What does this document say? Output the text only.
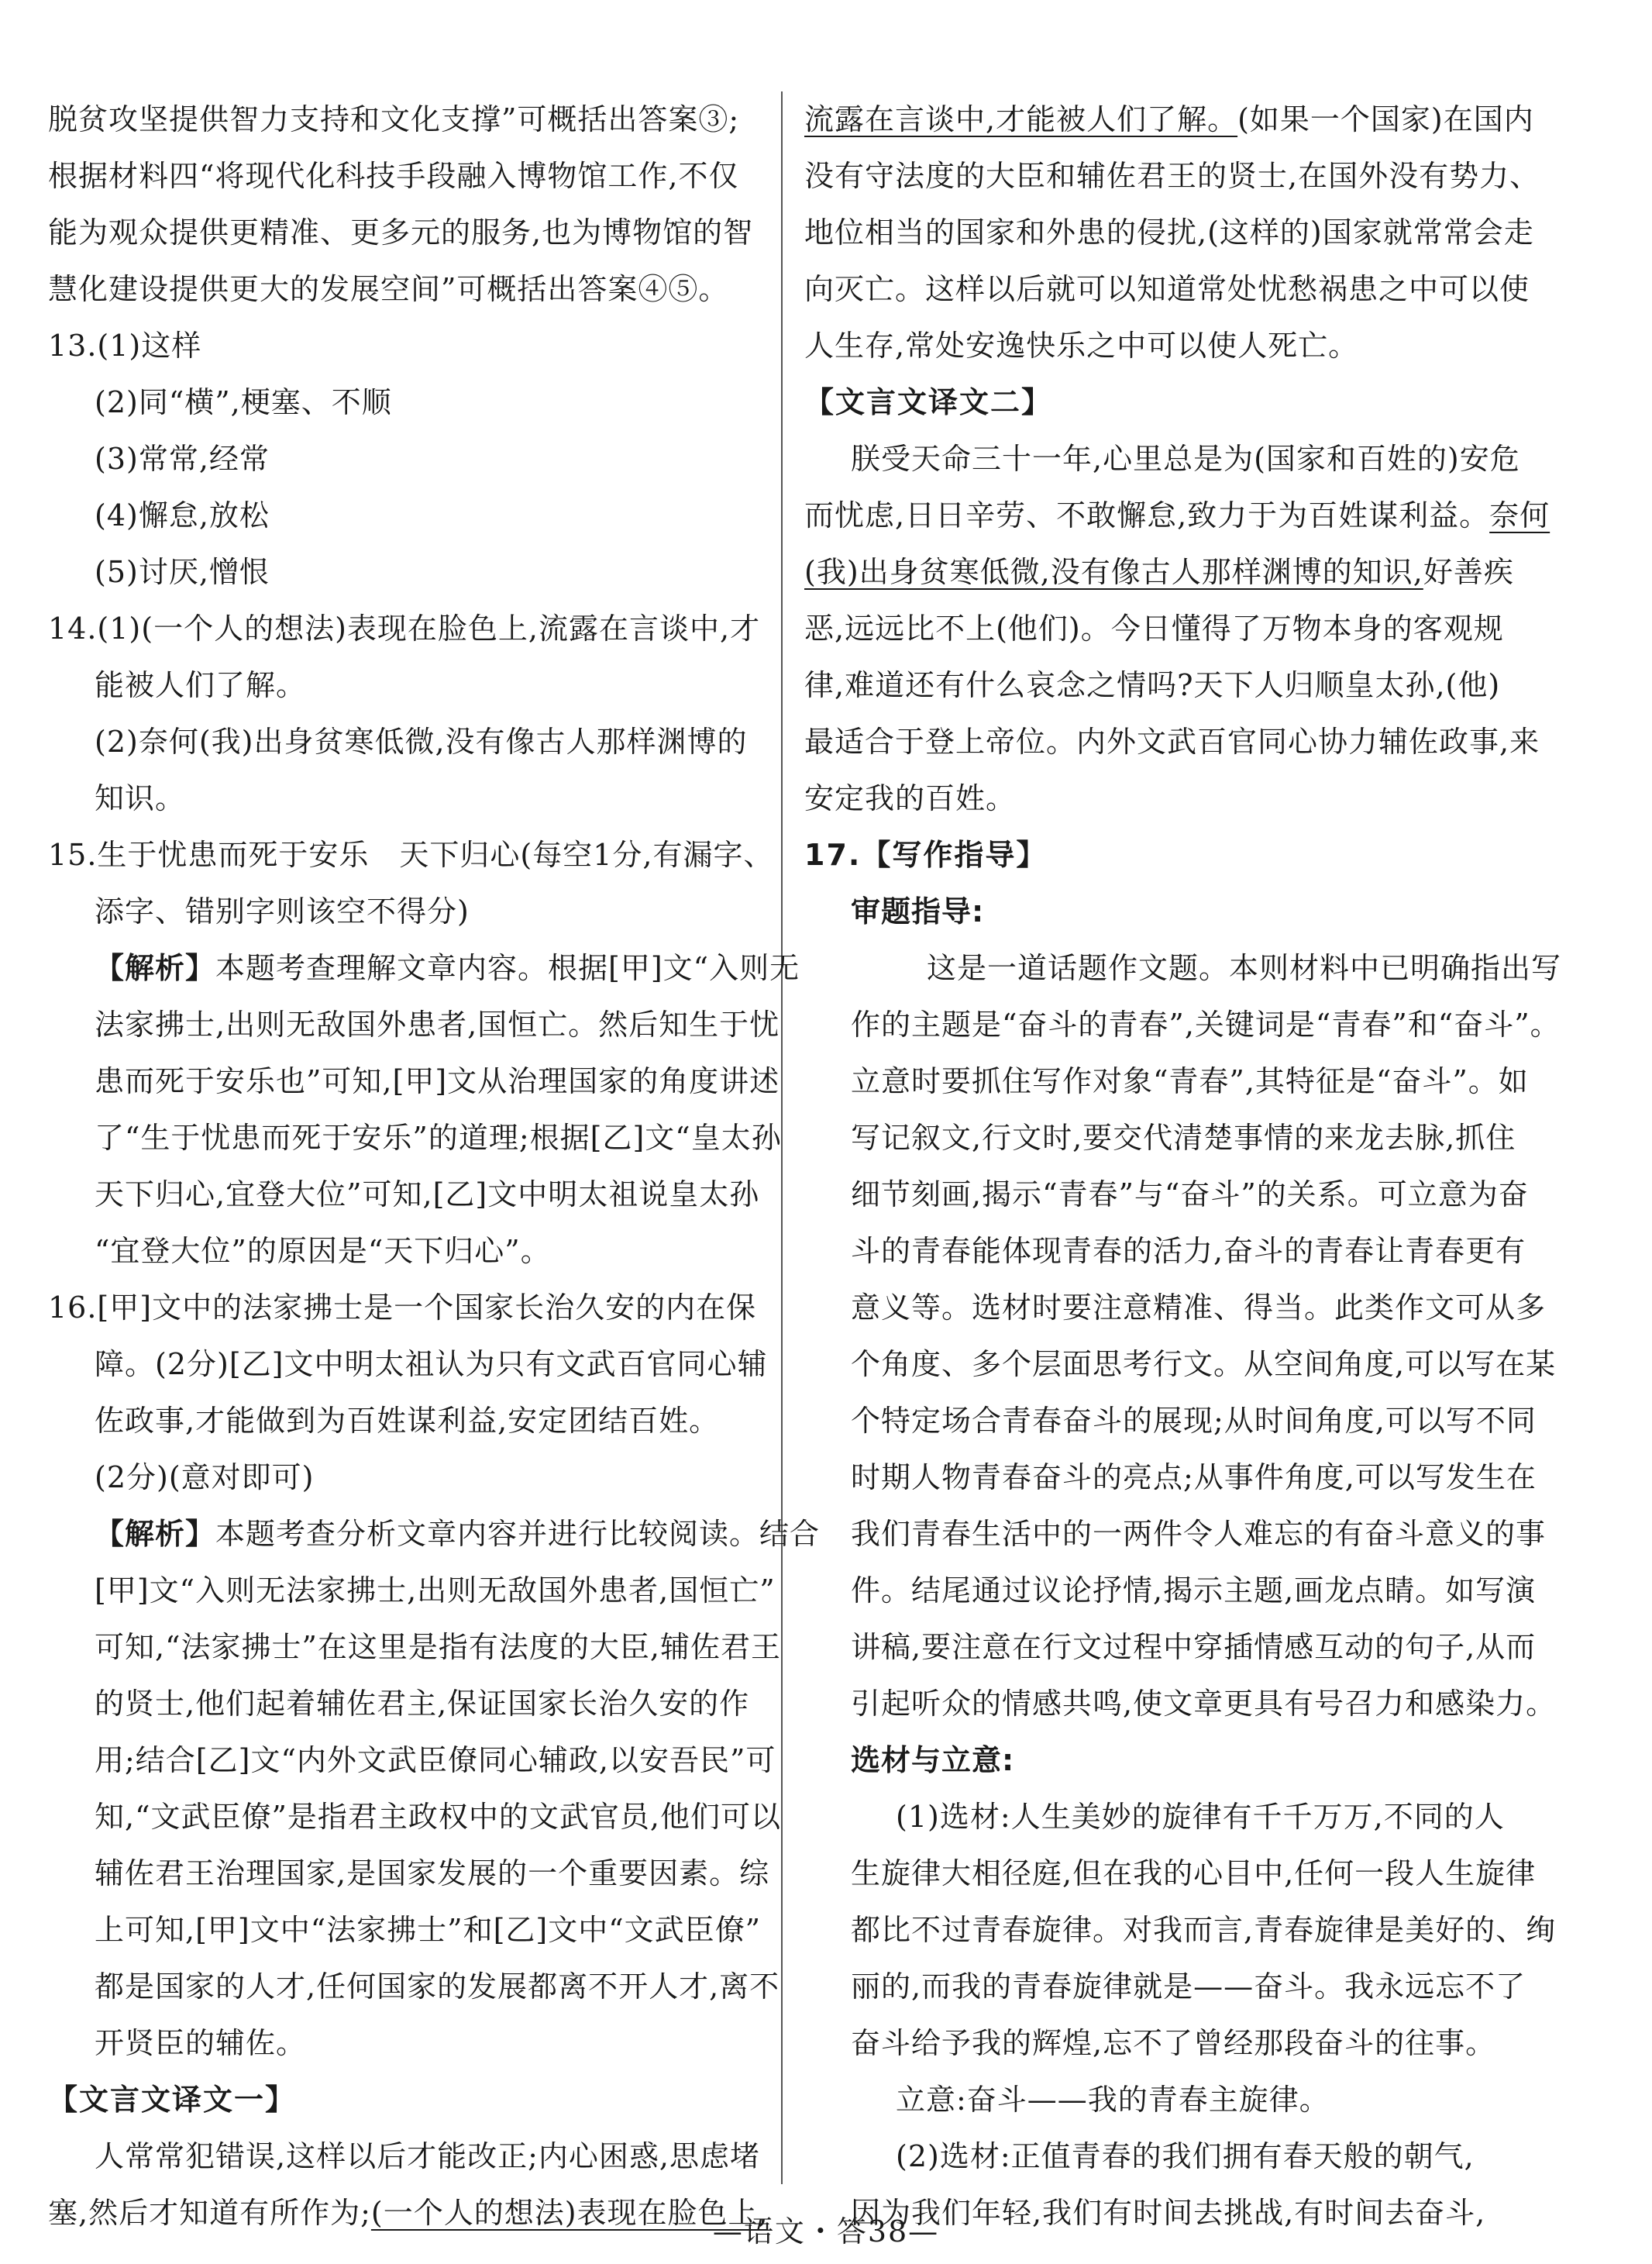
脱贫攻坚提供智力支持和文化支撑”可概括出答案③;
根据材料四“将现代化科技手段融入博物馆工作,不仅
能为观众提供更精准、更多元的服务,也为博物馆的智
慧化建设提供更大的发展空间”可概括出答案④⑤。
13.(1)这样
(2)同“横”,梗塞、不顺
(3)常常,经常
(4)懈怠,放松
(5)讨厌,憎恨
14.(1)(一个人的想法)表现在脸色上,流露在言谈中,才
能被人们了解。
(2)奈何(我)出身贫寒低微,没有像古人那样渊博的
知识。
15.生于忧患而死于安乐　天下归心(每空1分,有漏字、
添字、错别字则该空不得分)
【解析】本题考查理解文章内容。根据[甲]文“入则无
法家拂士,出则无敌国外患者,国恒亡。然后知生于忧
患而死于安乐也”可知,[甲]文从治理国家的角度讲述
了“生于忧患而死于安乐”的道理;根据[乙]文“皇太孙
天下归心,宜登大位”可知,[乙]文中明太祖说皇太孙
“宜登大位”的原因是“天下归心”。
16.[甲]文中的法家拂士是一个国家长治久安的内在保
障。(2分)[乙]文中明太祖认为只有文武百官同心辅
佐政事,才能做到为百姓谋利益,安定团结百姓。
(2分)(意对即可)
【解析】本题考查分析文章内容并进行比较阅读。结合
[甲]文“入则无法家拂士,出则无敌国外患者,国恒亡”
可知,“法家拂士”在这里是指有法度的大臣,辅佐君王
的贤士,他们起着辅佐君主,保证国家长治久安的作
用;结合[乙]文“内外文武臣僚同心辅政,以安吾民”可
知,“文武臣僚”是指君主政权中的文武官员,他们可以
辅佐君王治理国家,是国家发展的一个重要因素。综
上可知,[甲]文中“法家拂士”和[乙]文中“文武臣僚”
都是国家的人才,任何国家的发展都离不开人才,离不
开贤臣的辅佐。
【文言文译文一】
人常常犯错误,这样以后才能改正;内心困惑,思虑堵
塞,然后才知道有所作为;(一个人的想法)表现在脸色上,
流露在言谈中,才能被人们了解。(如果一个国家)在国内
没有守法度的大臣和辅佐君王的贤士,在国外没有势力、
地位相当的国家和外患的侵扰,(这样的)国家就常常会走
向灭亡。这样以后就可以知道常处忧愁祸患之中可以使
人生存,常处安逸快乐之中可以使人死亡。
【文言文译文二】
朕受天命三十一年,心里总是为(国家和百姓的)安危
而忧虑,日日辛劳、不敢懈怠,致力于为百姓谋利益。奈何
(我)出身贫寒低微,没有像古人那样渊博的知识,好善疾
恶,远远比不上(他们)。今日懂得了万物本身的客观规
律,难道还有什么哀念之情吗?天下人归顺皇太孙,(他)
最适合于登上帝位。内外文武百官同心协力辅佐政事,来
安定我的百姓。
17.【写作指导】
审题指导:
这是一道话题作文题。本则材料中已明确指出写
作的主题是“奋斗的青春”,关键词是“青春”和“奋斗”。
立意时要抓住写作对象“青春”,其特征是“奋斗”。如
写记叙文,行文时,要交代清楚事情的来龙去脉,抓住
细节刻画,揭示“青春”与“奋斗”的关系。可立意为奋
斗的青春能体现青春的活力,奋斗的青春让青春更有
意义等。选材时要注意精准、得当。此类作文可从多
个角度、多个层面思考行文。从空间角度,可以写在某
个特定场合青春奋斗的展现;从时间角度,可以写不同
时期人物青春奋斗的亮点;从事件角度,可以写发生在
我们青春生活中的一两件令人难忘的有奋斗意义的事
件。结尾通过议论抒情,揭示主题,画龙点睛。如写演
讲稿,要注意在行文过程中穿插情感互动的句子,从而
引起听众的情感共鸣,使文章更具有号召力和感染力。
选材与立意:
(1)选材:人生美妙的旋律有千千万万,不同的人
生旋律大相径庭,但在我的心目中,任何一段人生旋律
都比不过青春旋律。对我而言,青春旋律是美好的、绚
丽的,而我的青春旋律就是——奋斗。我永远忘不了
奋斗给予我的辉煌,忘不了曾经那段奋斗的往事。
立意:奋斗——我的青春主旋律。
(2)选材:正值青春的我们拥有春天般的朝气,
因为我们年轻,我们有时间去挑战,有时间去奋斗,
—语文・答38—
